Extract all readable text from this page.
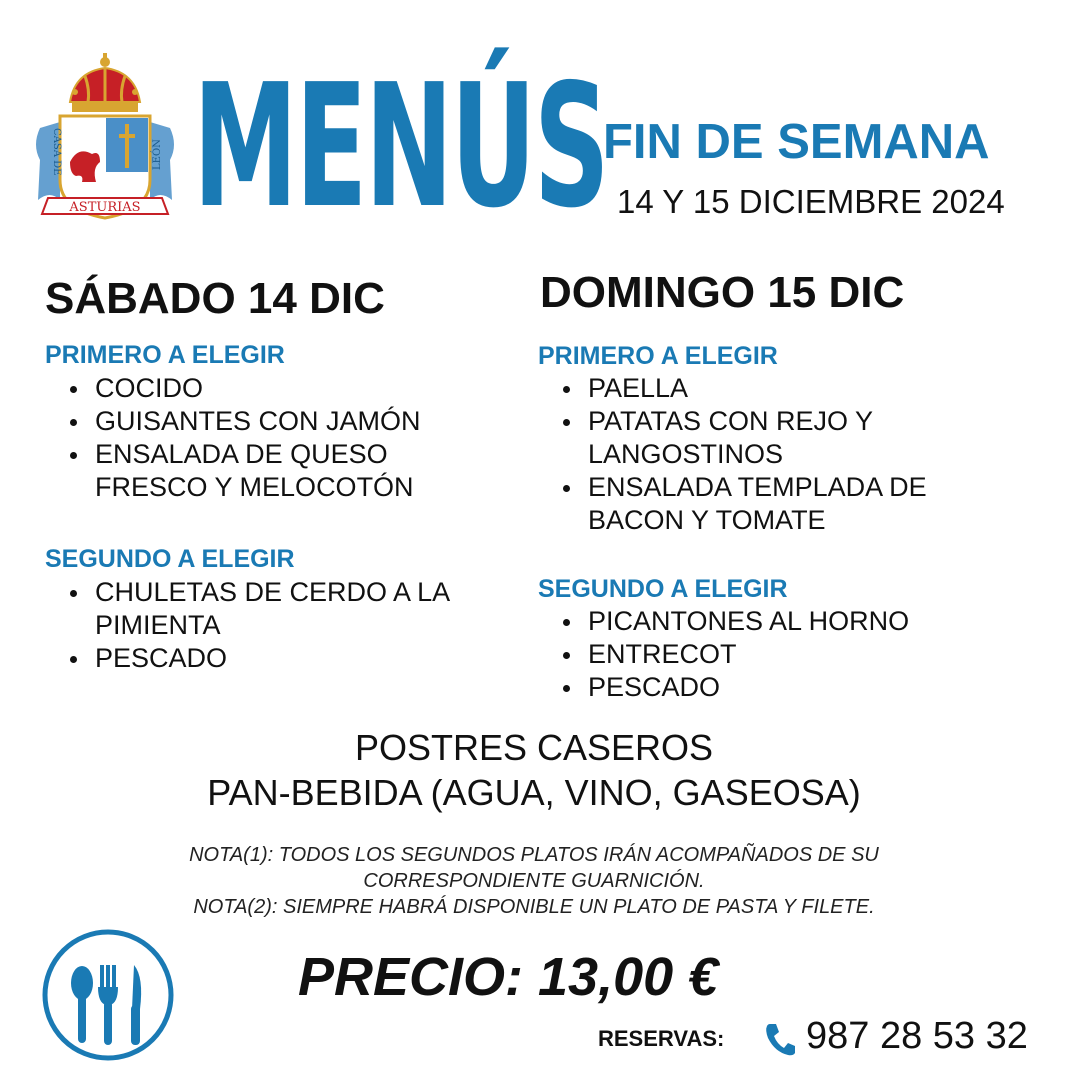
CASA DE	LEÓN
ASTURIAS MENÚS
FIN DE SEMANA
14 Y 15 DICIEMBRE 2024
SÁBADO 14 DIC
PRIMERO A ELEGIR
COCIDO
GUISANTES CON JAMÓN
ENSALADA DE QUESO FRESCO Y MELOCOTÓN
SEGUNDO A ELEGIR
CHULETAS DE CERDO A LA PIMIENTA
PESCADO
DOMINGO 15 DIC
PRIMERO A ELEGIR
PAELLA
PATATAS CON REJO Y LANGOSTINOS
ENSALADA TEMPLADA DE BACON Y TOMATE
SEGUNDO A ELEGIR
PICANTONES AL HORNO
ENTRECOT
PESCADO
POSTRES CASEROS
PAN-BEBIDA (AGUA, VINO, GASEOSA)
NOTA(1): TODOS LOS SEGUNDOS PLATOS IRÁN ACOMPAÑADOS DE SU
CORRESPONDIENTE GUARNICIÓN.
NOTA(2): SIEMPRE HABRÁ DISPONIBLE UN PLATO DE PASTA Y FILETE.
PRECIO: 13,00 €
RESERVAS: 987 28 53 32
